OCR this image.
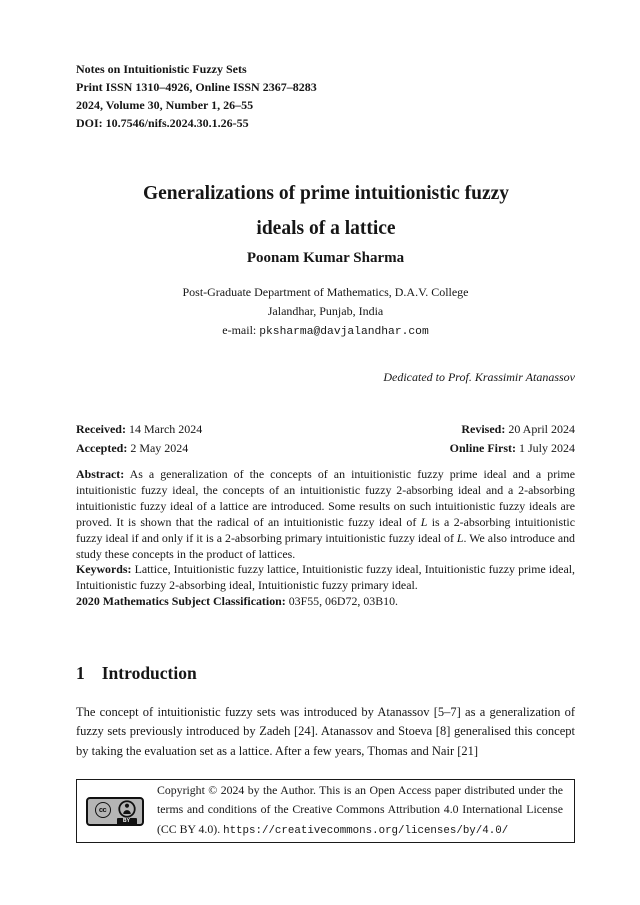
Notes on Intuitionistic Fuzzy Sets
Print ISSN 1310–4926, Online ISSN 2367–8283
2024, Volume 30, Number 1, 26–55
DOI: 10.7546/nifs.2024.30.1.26-55
Generalizations of prime intuitionistic fuzzy
ideals of a lattice
Poonam Kumar Sharma
Post-Graduate Department of Mathematics, D.A.V. College
Jalandhar, Punjab, India
e-mail: pksharma@davjalandhar.com
Dedicated to Prof. Krassimir Atanassov
Received: 14 March 2024	Revised: 20 April 2024
Accepted: 2 May 2024	Online First: 1 July 2024

Abstract: As a generalization of the concepts of an intuitionistic fuzzy prime ideal and a prime intuitionistic fuzzy ideal, the concepts of an intuitionistic fuzzy 2-absorbing ideal and a 2-absorbing intuitionistic fuzzy ideal of a lattice are introduced. Some results on such intuitionistic fuzzy ideals are proved. It is shown that the radical of an intuitionistic fuzzy ideal of L is a 2-absorbing intuitionistic fuzzy ideal if and only if it is a 2-absorbing primary intuitionistic fuzzy ideal of L. We also introduce and study these concepts in the product of lattices.

Keywords: Lattice, Intuitionistic fuzzy lattice, Intuitionistic fuzzy ideal, Intuitionistic fuzzy prime ideal, Intuitionistic fuzzy 2-absorbing ideal, Intuitionistic fuzzy primary ideal.

2020 Mathematics Subject Classification: 03F55, 06D72, 03B10.

1 Introduction

The concept of intuitionistic fuzzy sets was introduced by Atanassov [5–7] as a generalization of fuzzy sets previously introduced by Zadeh [24]. Atanassov and Stoeva [8] generalised this concept by taking the evaluation set as a lattice. After a few years, Thomas and Nair [21]

cc
BY
Copyright © 2024 by the Author. This is an Open Access paper distributed under the terms and conditions of the Creative Commons Attribution 4.0 International License (CC BY 4.0). https://creativecommons.org/licenses/by/4.0/
